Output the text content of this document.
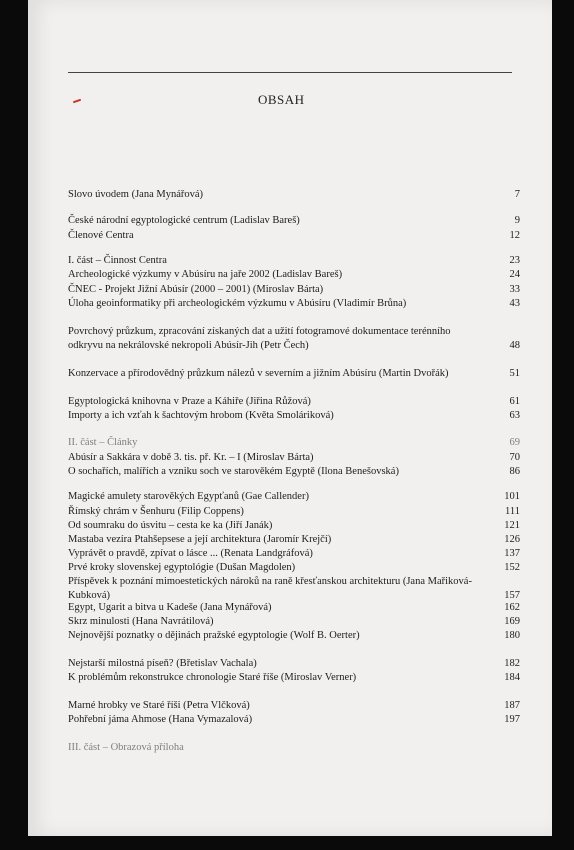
OBSAH
Slovo úvodem (Jana Mynářová)	7
České národní egyptologické centrum (Ladislav Bareš)	9
Členové Centra	12
I. část – Činnost Centra	23
Archeologické výzkumy v Abúsíru na jaře 2002 (Ladislav Bareš)	24
ČNEC - Projekt Jižní Abúsír (2000 – 2001) (Miroslav Bárta)	33
Úloha geoinformatiky při archeologickém výzkumu v Abúsíru (Vladimír Brůna)	43
Povrchový průzkum, zpracování získaných dat a užití fotogramové dokumentace terénního odkryvu na nekrálovské nekropoli Abúsír-Jih (Petr Čech)	48
Konzervace a přírodovědný průzkum nálezů v severním a jižním Abúsíru (Martin Dvořák)	51
Egyptologická knihovna v Praze a Káhiře (Jiřina Růžová)	61
Importy a ich vzťah k šachtovým hrobom (Květa Smoláriková)	63
II. část – Články	69
Abúsír a Sakkára v době 3. tis. př. Kr. – I (Miroslav Bárta)	70
O sochařích, malířích a vzniku soch ve starověkém Egyptě (Ilona Benešovská)	86
Magické amulety starověkých Egypťanů (Gae Callender)	101
Římský chrám v Šenhuru (Filip Coppens)	111
Od soumraku do úsvitu – cesta ke ka (Jiří Janák)	121
Mastaba vezíra Ptahšepsese a její architektura (Jaromír Krejčí)	126
Vyprávět o pravdě, zpívat o lásce ... (Renata Landgráfová)	137
Prvé kroky slovenskej egyptológie (Dušan Magdolen)	152
Příspěvek k poznání mimoestetických nároků na raně křesťanskou architekturu (Jana Mařiková-Kubková)	157
Egypt, Ugarit a bitva u Kadeše (Jana Mynářová)	162
Skrz minulosti (Hana Navrátilová)	169
Nejnovější poznatky o dějinách pražské egyptologie (Wolf B. Oerter)	180
Nejstarší milostná píseň? (Břetislav Vachala)	182
K problémům rekonstrukce chronologie Staré říše (Miroslav Verner)	184
Marné hrobky ve Staré říši (Petra Vlčková)	187
Pohřební jáma Ahmose (Hana Vymazalová)	197
III. část – Obrazová příloha
